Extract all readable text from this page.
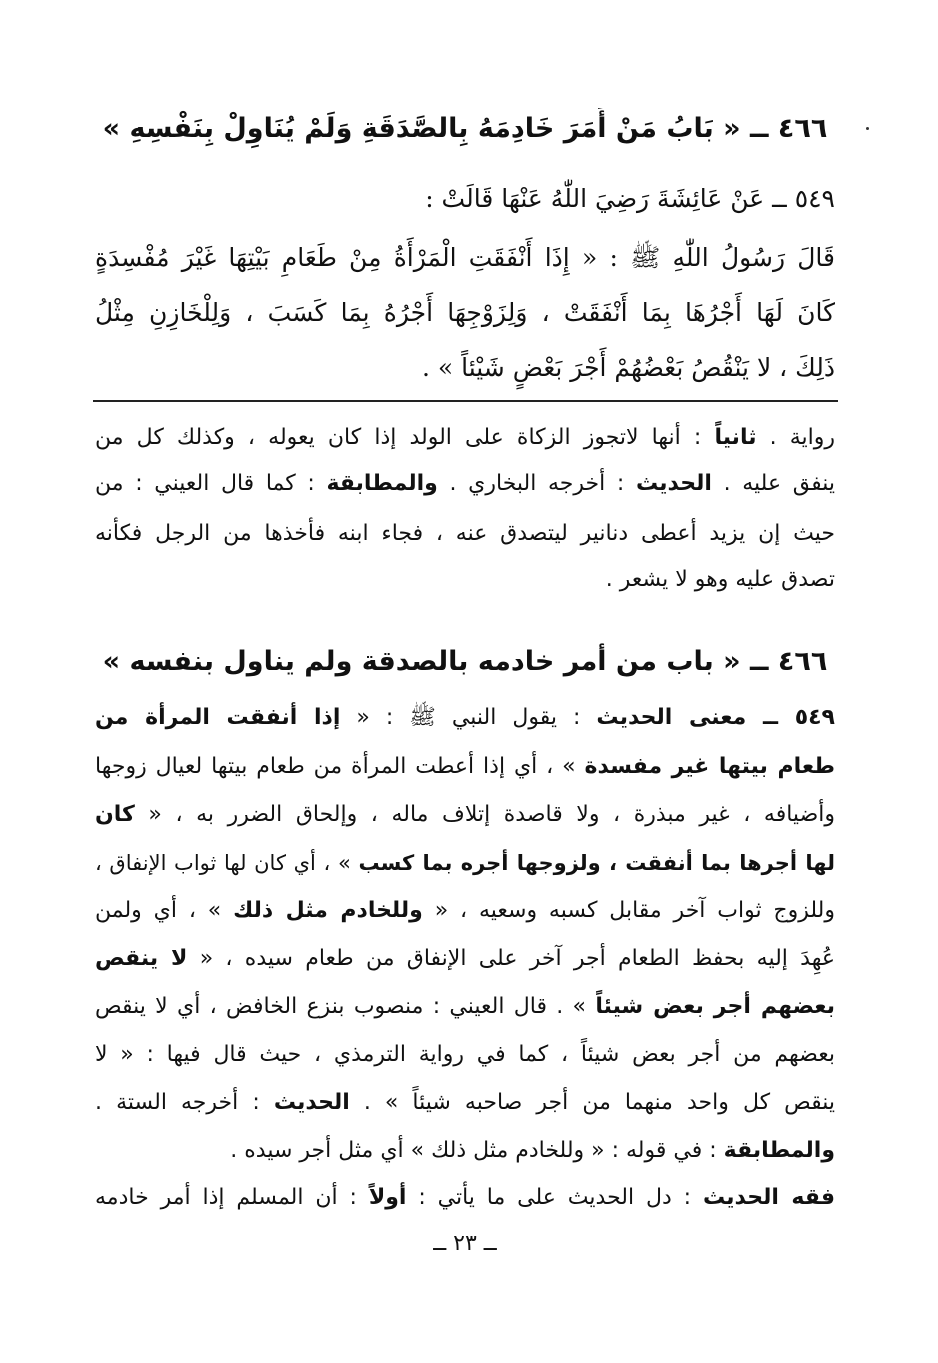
٤٦٦ ــ « بَابُ مَنْ أَمَرَ خَادِمَهُ بِالصَّدَقَةِ وَلَمْ يُنَاوِلْ بِنَفْسِهِ »
٥٤٩ ــ عَنْ عَائِشَةَ رَضِيَ اللّٰهُ عَنْهَا قَالَتْ :
قَالَ رَسُولُ اللّٰهِ ﷺ : « إِذَا أَنْفَقَتِ الْمَرْأَةُ مِنْ طَعَامِ بَيْتِهَا غَيْرَ مُفْسِدَةٍ
كَانَ لَهَا أَجْرُهَا بِمَا أَنْفَقَتْ ، وَلِزَوْجِهَا أَجْرُهُ بِمَا كَسَبَ ، وَلِلْخَازِنِ مِثْلُ
ذَلِكَ ، لا يَنْقُصُ بَعْضُهُمْ أَجْرَ بَعْضٍ شَيْئاً » .
رواية . ثانياً : أنها لاتجوز الزكاة على الولد إذا كان يعوله ، وكذلك كل من
ينفق عليه . الحديث : أخرجه البخاري . والمطابقة : كما قال العيني : من
حيث إن يزيد أعطى دنانير ليتصدق عنه ، فجاء ابنه فأخذها من الرجل فكأنه
تصدق عليه وهو لا يشعر .
٤٦٦ ــ « باب من أمر خادمه بالصدقة ولم يناول بنفسه »
٥٤٩ ــ معنى الحديث : يقول النبي ﷺ : « إذا أنفقت المرأة من
طعام بيتها غير مفسدة » ، أي إذا أعطت المرأة من طعام بيتها لعيال زوجها
وأضيافه ، غير مبذرة ، ولا قاصدة إتلاف ماله ، وإلحاق الضرر به ، « كان
لها أجرها بما أنفقت ، ولزوجها أجره بما كسب » ، أي كان لها ثواب الإنفاق ،
وللزوج ثواب آخر مقابل كسبه وسعيه ، « وللخادم مثل ذلك » ، أي ولمن
عُهِدَ إليه بحفظ الطعام أجر آخر على الإنفاق من طعام سيده ، « لا ينقص
بعضهم أجر بعض شيئاً » . قال العيني : منصوب بنزع الخافض ، أي لا ينقص
بعضهم من أجر بعض شيئاً ، كما في رواية الترمذي ، حيث قال فيها : « لا
ينقص كل واحد منهما من أجر صاحبه شيئاً » . الحديث : أخرجه الستة .
والمطابقة : في قوله : « وللخادم مثل ذلك » أي مثل أجر سيده .
فقه الحديث : دل الحديث على ما يأتي : أولاً : أن المسلم إذا أمر خادمه
ــ ٢٣ ــ
